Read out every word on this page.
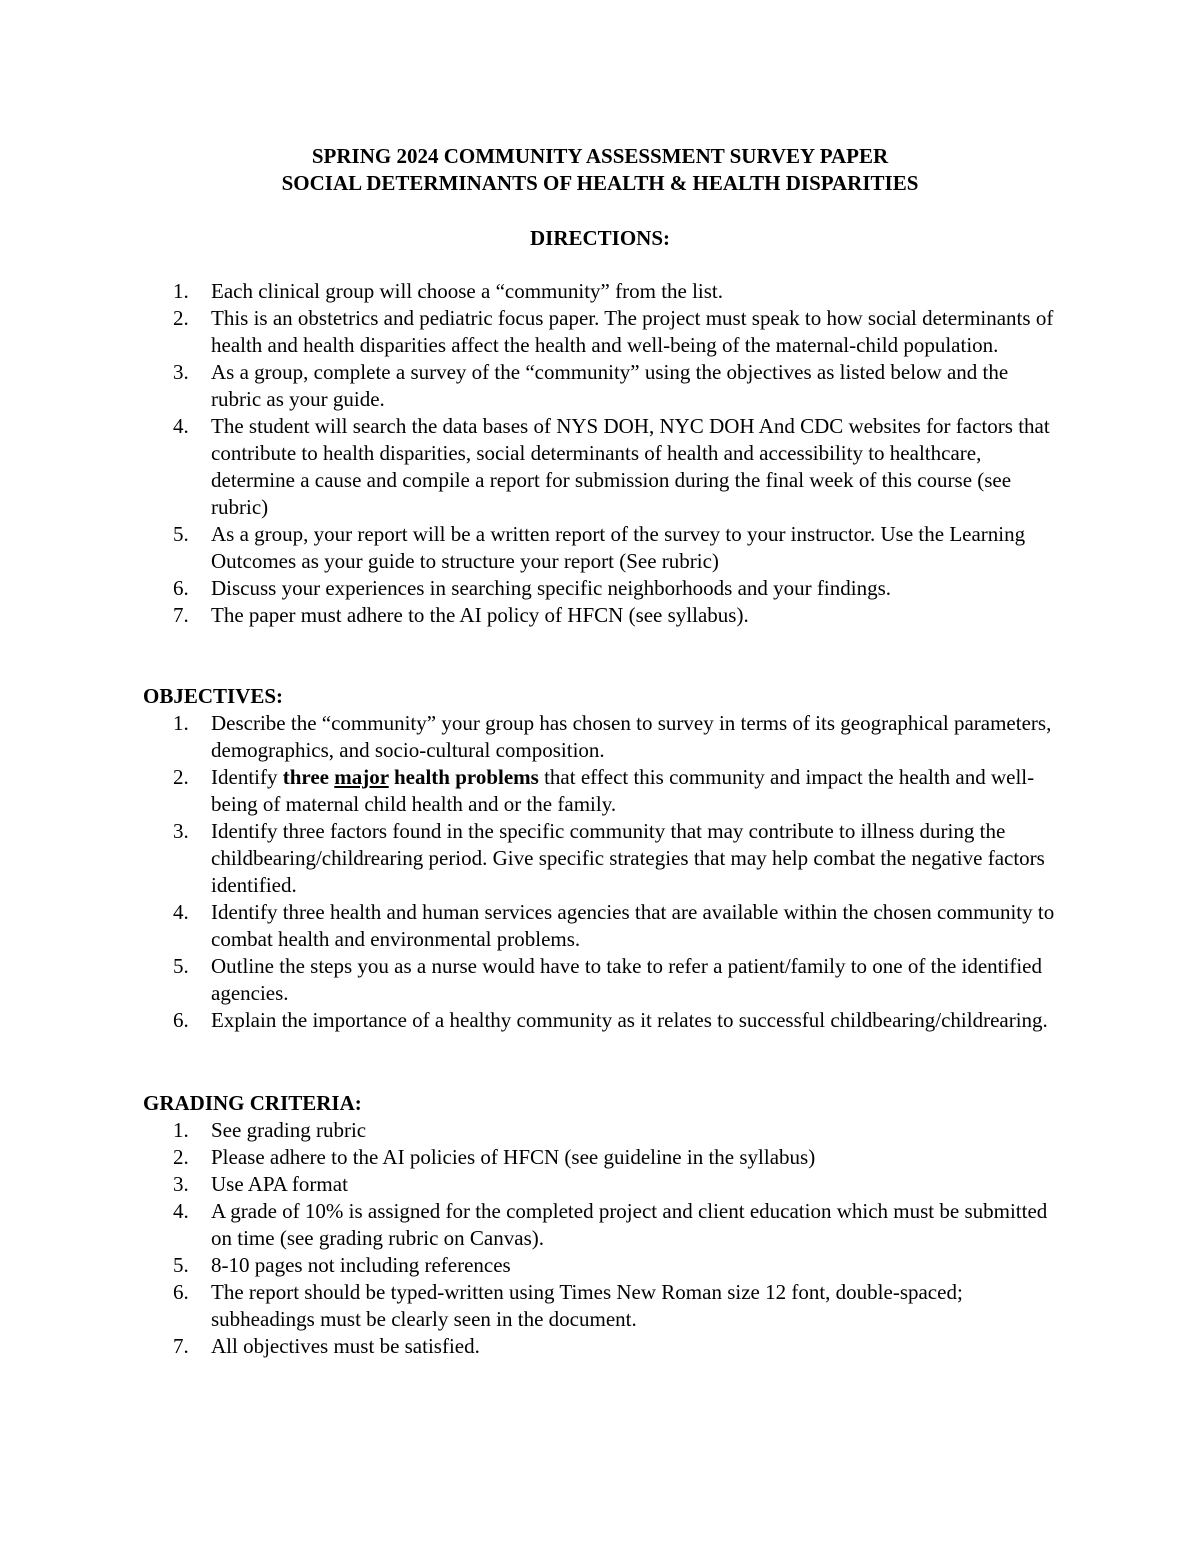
SPRING 2024 COMMUNITY ASSESSMENT SURVEY PAPER
SOCIAL DETERMINANTS OF HEALTH & HEALTH DISPARITIES
DIRECTIONS:
1.	Each clinical group will choose a “community” from the list.
2.	This is an obstetrics and pediatric focus paper. The project must speak to how social determinants of health and health disparities affect the health and well-being of the maternal-child population.
3.	As a group, complete a survey of the “community” using the objectives as listed below and the rubric as your guide.
4.	The student will search the data bases of NYS DOH, NYC DOH And CDC websites for factors that contribute to health disparities, social determinants of health and accessibility to healthcare, determine a cause and compile a report for submission during the final week of this course (see rubric)
5.	As a group, your report will be a written report of the survey to your instructor. Use the Learning Outcomes as your guide to structure your report (See rubric)
6.	Discuss your experiences in searching specific neighborhoods and your findings.
7.	The paper must adhere to the AI policy of HFCN (see syllabus).
OBJECTIVES:
1.	Describe the “community” your group has chosen to survey in terms of its geographical parameters, demographics, and socio-cultural composition.
2.	Identify three major health problems that effect this community and impact the health and well-being of maternal child health and or the family.
3.	Identify three factors found in the specific community that may contribute to illness during the childbearing/childrearing period. Give specific strategies that may help combat the negative factors identified.
4.	Identify three health and human services agencies that are available within the chosen community to combat health and environmental problems.
5.	Outline the steps you as a nurse would have to take to refer a patient/family to one of the identified agencies.
6.	Explain the importance of a healthy community as it relates to successful childbearing/childrearing.
GRADING CRITERIA:
1.	See grading rubric
2.	Please adhere to the AI policies of HFCN (see guideline in the syllabus)
3.	Use APA format
4.	A grade of 10% is assigned for the completed project and client education which must be submitted on time (see grading rubric on Canvas).
5.	8-10 pages not including references
6.	The report should be typed-written using Times New Roman size 12 font, double-spaced; subheadings must be clearly seen in the document.
7.	All objectives must be satisfied.
